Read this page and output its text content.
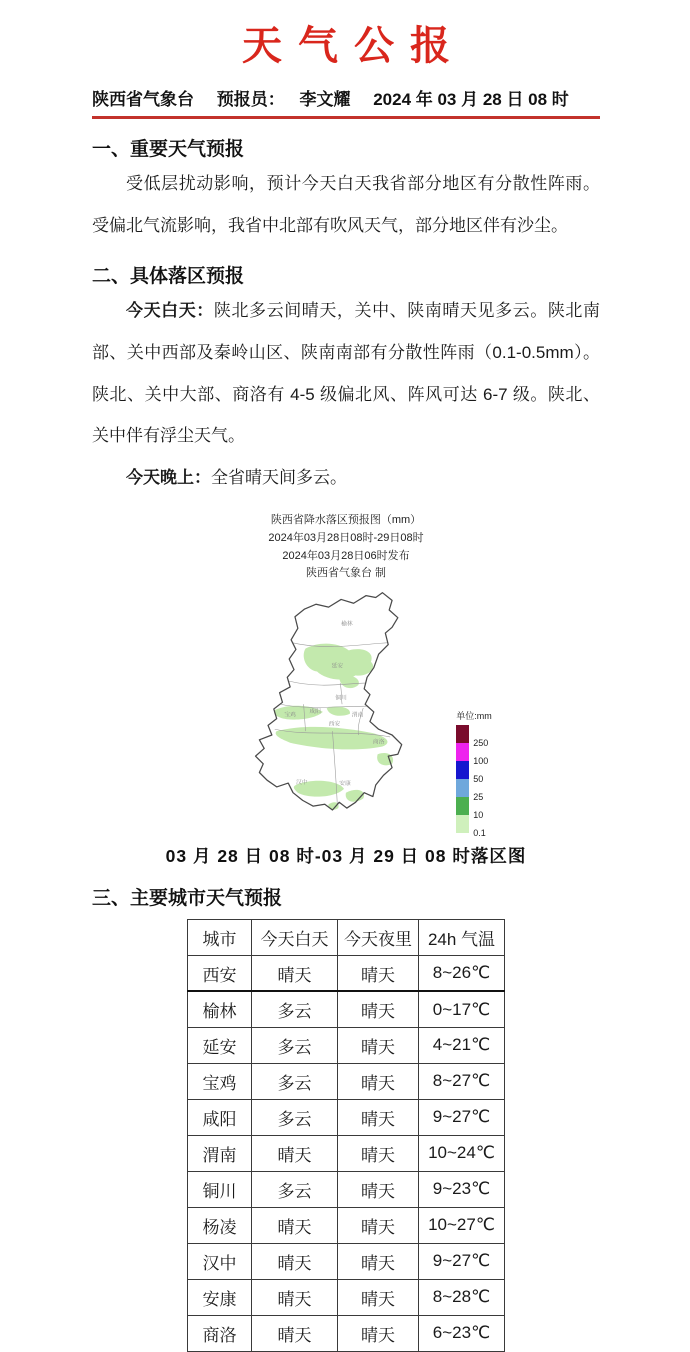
天气公报
陕西省气象台 预报员： 李文耀 2024 年 03 月 28 日 08 时
一、重要天气预报

受低层扰动影响，预计今天白天我省部分地区有分散性阵雨。受偏北气流影响，我省中北部有吹风天气，部分地区伴有沙尘。

二、具体落区预报

今天白天：陕北多云间晴天，关中、陕南晴天见多云。陕北南部、关中西部及秦岭山区、陕南南部有分散性阵雨（0.1-0.5mm）。陕北、关中大部、商洛有 4-5 级偏北风、阵风可达 6-7 级。陕北、关中伴有浮尘天气。

今天晚上：全省晴天间多云。

陕西省降水落区预报图（mm）
2024年03月28日08时-29日08时
2024年03月28日06时发布
陕西省气象台 制
榆林
延安
铜川
咸阳
西安
渭南
宝鸡
商洛
汉中	安康
单位:mm
250
100
50
25
10
0.1
03 月 28 日 08 时-03 月 29 日 08 时落区图
三、主要城市天气预报
城市	今天白天	今天夜里	24h 气温
西安	晴天	晴天	8~26℃
榆林	多云	晴天	0~17℃
延安	多云	晴天	4~21℃
宝鸡	多云	晴天	8~27℃
咸阳	多云	晴天	9~27℃
渭南	晴天	晴天	10~24℃
铜川	多云	晴天	9~23℃
杨凌	晴天	晴天	10~27℃
汉中	晴天	晴天	9~27℃
安康	晴天	晴天	8~28℃
商洛	晴天	晴天	6~23℃
